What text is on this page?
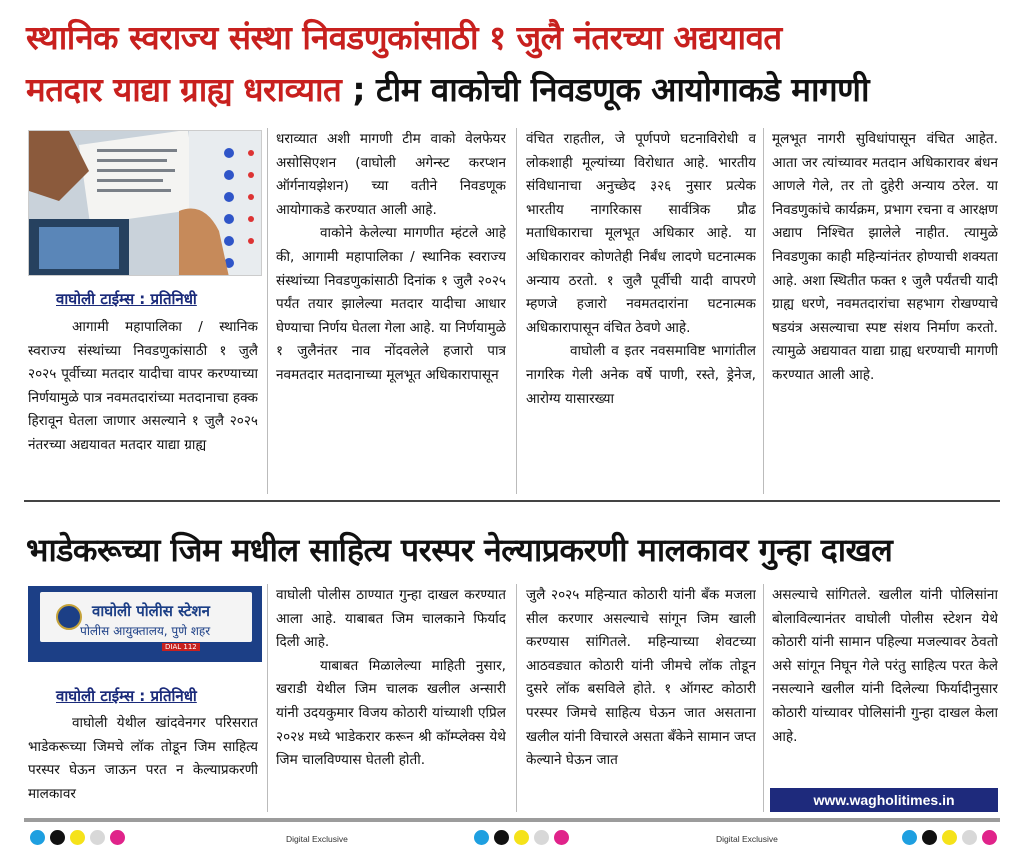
स्थानिक स्वराज्य संस्था निवडणुकांसाठी १ जुलै नंतरच्या अद्ययावत
मतदार याद्या ग्राह्य धराव्यात ; टीम वाकोची निवडणूक आयोगाकडे मागणी
वाघोली टाईम्स : प्रतिनिधी

आगामी महापालिका / स्थानिक स्वराज्य संस्थांच्या निवडणुकांसाठी १ जुलै २०२५ पूर्वीच्या मतदार यादीचा वापर करण्याच्या निर्णयामुळे पात्र नवमतदारांच्या मतदानाचा हक्क हिरावून घेतला जाणार असल्याने १ जुलै २०२५ नंतरच्या अद्ययावत मतदार याद्या ग्राह्य

धराव्यात अशी मागणी टीम वाको वेलफेयर असोसिएशन (वाघोली अगेन्स्ट करप्शन ऑर्गनायझेशन) च्या वतीने निवडणूक आयोगाकडे करण्यात आली आहे.

वाकोने केलेल्या मागणीत म्हंटले आहे की, आगामी महापालिका / स्थानिक स्वराज्य संस्थांच्या निवडणुकांसाठी दिनांक १ जुलै २०२५ पर्यंत तयार झालेल्या मतदार यादीचा आधार घेण्याचा निर्णय घेतला गेला आहे. या निर्णयामुळे १ जुलैनंतर नाव नोंदवलेले हजारो पात्र नवमतदार मतदानाच्या मूलभूत अधिकारापासून

वंचित राहतील, जे पूर्णपणे घटनाविरोधी व लोकशाही मूल्यांच्या विरोधात आहे. भारतीय संविधानाचा अनुच्छेद ३२६ नुसार प्रत्येक भारतीय नागरिकास सार्वत्रिक प्रौढ मताधिकाराचा मूलभूत अधिकार आहे. या अधिकारावर कोणतेही निर्बंध लादणे घटनात्मक अन्याय ठरतो. १ जुलै पूर्वीची यादी वापरणे म्हणजे हजारो नवमतदारांना घटनात्मक अधिकारापासून वंचित ठेवणे आहे.

वाघोली व इतर नवसमाविष्ट भागांतील नागरिक गेली अनेक वर्षे पाणी, रस्ते, ड्रेनेज, आरोग्य यासारख्या

मूलभूत नागरी सुविधांपासून वंचित आहेत. आता जर त्यांच्यावर मतदान अधिकारावर बंधन आणले गेले, तर तो दुहेरी अन्याय ठरेल. या निवडणुकांचे कार्यक्रम, प्रभाग रचना व आरक्षण अद्याप निश्चित झालेले नाहीत. त्यामुळे निवडणुका काही महिन्यांनंतर होण्याची शक्यता आहे. अशा स्थितीत फक्त १ जुलै पर्यंतची यादी ग्राह्य धरणे, नवमतदारांचा सहभाग रोखण्याचे षडयंत्र असल्याचा स्पष्ट संशय निर्माण करतो. त्यामुळे अद्ययावत याद्या ग्राह्य धरण्याची मागणी करण्यात आली आहे.

भाडेकरूच्या जिम मधील साहित्य परस्पर नेल्याप्रकरणी मालकावर गुन्हा दाखल
वाघोली पोलीस स्टेशन
पोलीस आयुक्तालय, पुणे शहर
DIAL 112
वाघोली टाईम्स : प्रतिनिधी

वाघोली येथील खांदवेनगर परिसरात भाडेकरूच्या जिमचे लॉक तोडून जिम साहित्य परस्पर घेऊन जाऊन परत न केल्याप्रकरणी मालकावर

वाघोली पोलीस ठाण्यात गुन्हा दाखल करण्यात आला आहे. याबाबत जिम चालकाने फिर्याद दिली आहे.

याबाबत मिळालेल्या माहिती नुसार, खराडी येथील जिम चालक खलील अन्सारी यांनी उदयकुमार विजय कोठारी यांच्याशी एप्रिल २०२४ मध्ये भाडेकरार करून श्री कॉम्प्लेक्स येथे जिम चालविण्यास घेतली होती.

जुलै २०२५ महिन्यात कोठारी यांनी बँक मजला सील करणार असल्याचे सांगून जिम खाली करण्यास सांगितले. महिन्याच्या शेवटच्या आठवड्यात कोठारी यांनी जीमचे लॉक तोडून दुसरे लॉक बसविले होते. १ ऑगस्ट कोठारी परस्पर जिमचे साहित्य घेऊन जात असताना खलील यांनी विचारले असता बँकेने सामान जप्त केल्याने घेऊन जात

असल्याचे सांगितले. खलील यांनी पोलिसांना बोलाविल्यानंतर वाघोली पोलीस स्टेशन येथे कोठारी यांनी सामान पहिल्या मजल्यावर ठेवतो असे सांगून निघून गेले परंतु साहित्य परत केले नसल्याने खलील यांनी दिलेल्या फिर्यादीनुसार कोठारी यांच्यावर पोलिसांनी गुन्हा दाखल केला आहे.

www.wagholitimes.in
Digital Exclusive	Digital Exclusive
